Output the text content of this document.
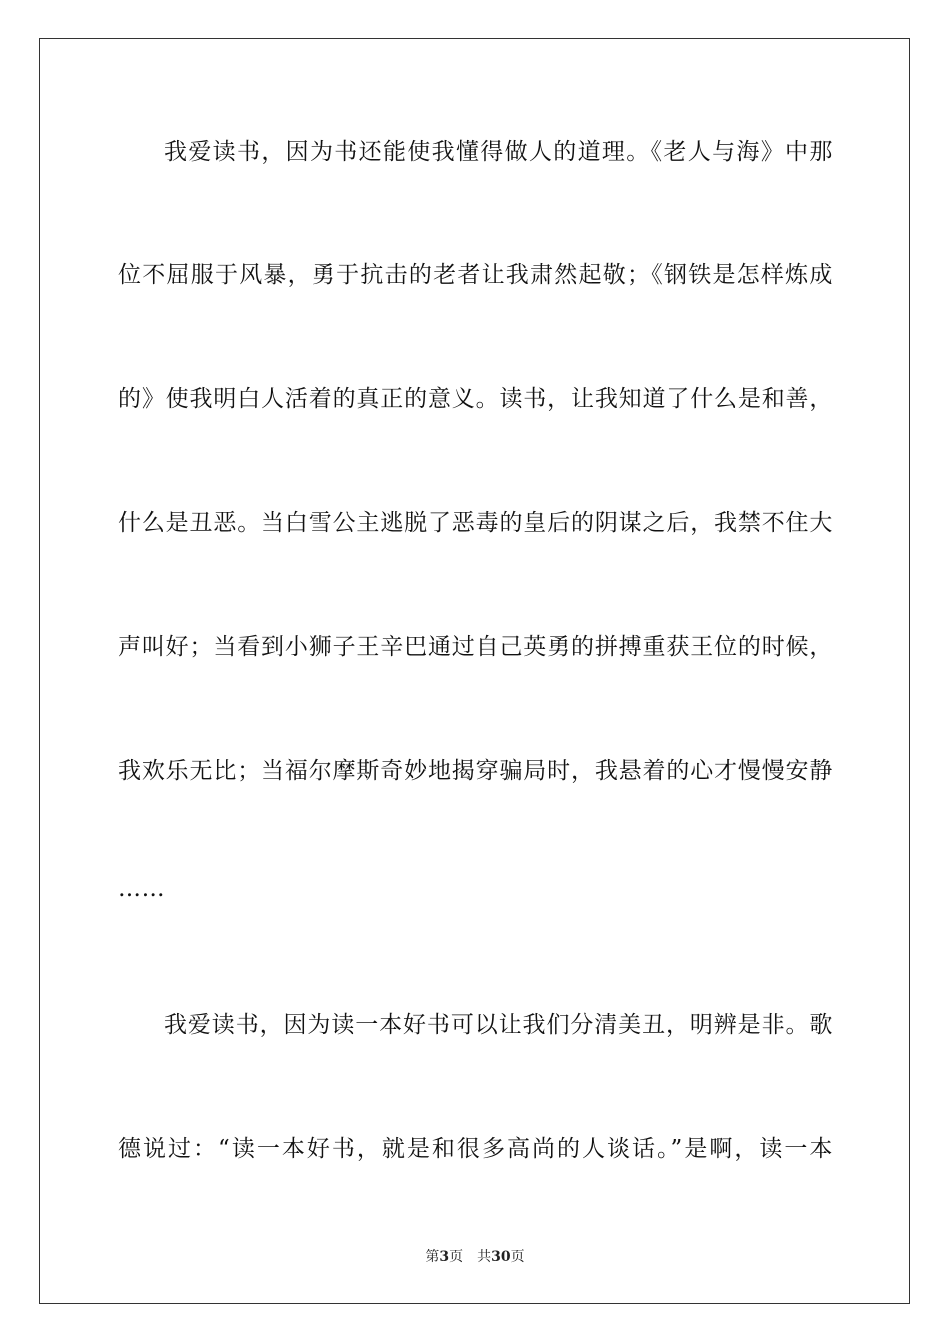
我爱读书，因为书还能使我懂得做人的道理。《老人与海》中那
位不屈服于风暴，勇于抗击的老者让我肃然起敬；《钢铁是怎样炼成
的》使我明白人活着的真正的意义。读书，让我知道了什么是和善，
什么是丑恶。当白雪公主逃脱了恶毒的皇后的阴谋之后，我禁不住大
声叫好；当看到小狮子王辛巴通过自己英勇的拼搏重获王位的时候，
我欢乐无比；当福尔摩斯奇妙地揭穿骗局时，我悬着的心才慢慢安静
……
我爱读书，因为读一本好书可以让我们分清美丑，明辨是非。歌
德说过：“读一本好书，就是和很多高尚的人谈话。”是啊，读一本
第3页　共30页
